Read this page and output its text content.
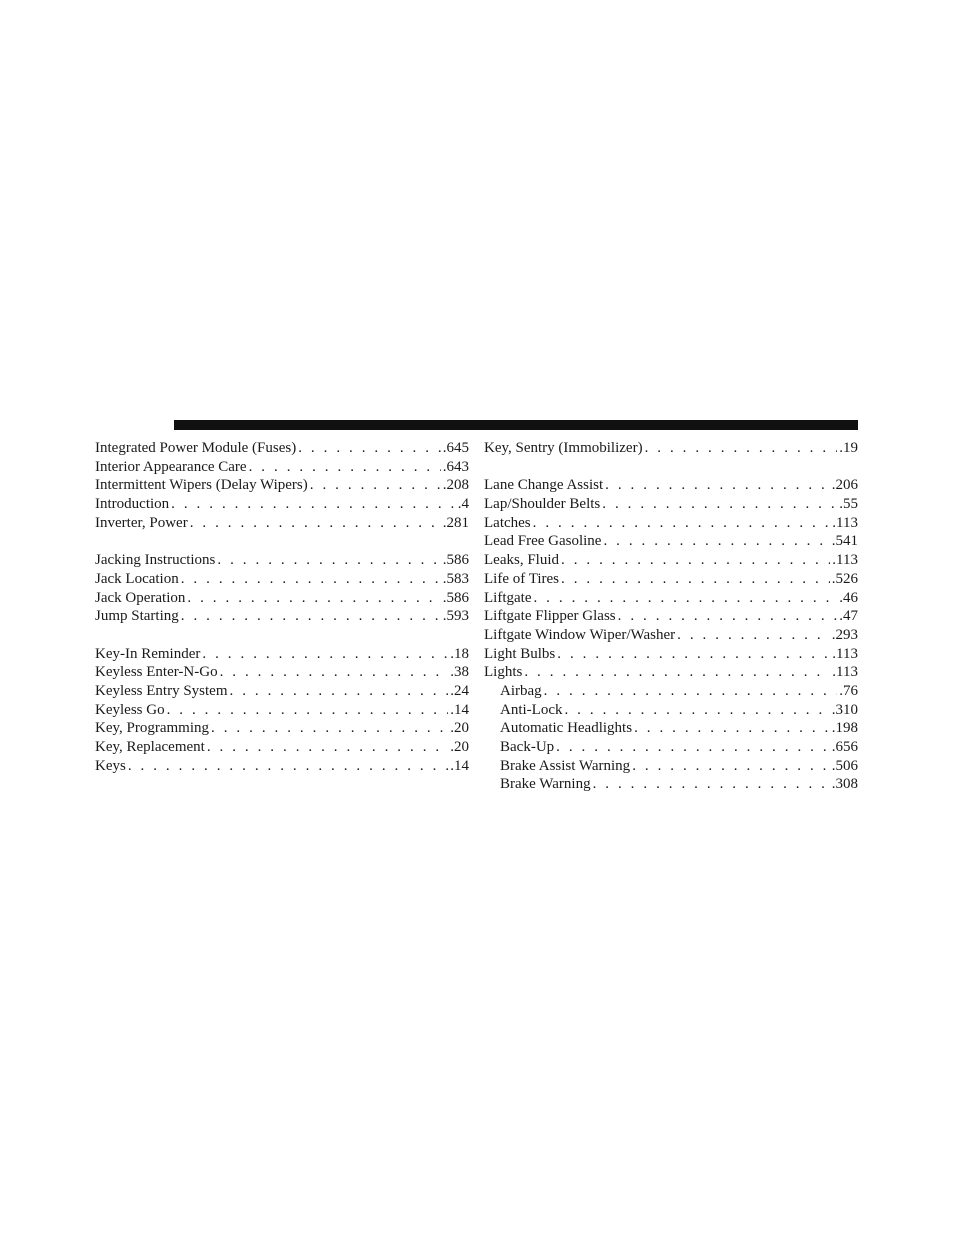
Integrated Power Module (Fuses) . . .	.645
Interior Appearance Care . . .	.643
Intermittent Wipers (Delay Wipers) . . .	.208
Introduction . . .	.4
Inverter, Power . . .	.281
Jacking Instructions . . .	.586
Jack Location . . .	.583
Jack Operation . . .	.586
Jump Starting . . .	.593
Key-In Reminder . . .	.18
Keyless Enter-N-Go . . .	.38
Keyless Entry System . . .	.24
Keyless Go . . .	.14
Key, Programming . . .	.20
Key, Replacement . . .	.20
Keys . . .	.14
Key, Sentry (Immobilizer) . . .	.19
Lane Change Assist . . .	.206
Lap/Shoulder Belts . . .	.55
Latches . . .	.113
Lead Free Gasoline . . .	.541
Leaks, Fluid . . .	.113
Life of Tires . . .	.526
Liftgate . . .	.46
Liftgate Flipper Glass . . .	.47
Liftgate Window Wiper/Washer . . .	.293
Light Bulbs . . .	.113
Lights . . .	.113
Airbag . . .	.76
Anti-Lock . . .	.310
Automatic Headlights . . .	.198
Back-Up . . .	.656
Brake Assist Warning . . .	.506
Brake Warning . . .	.308
